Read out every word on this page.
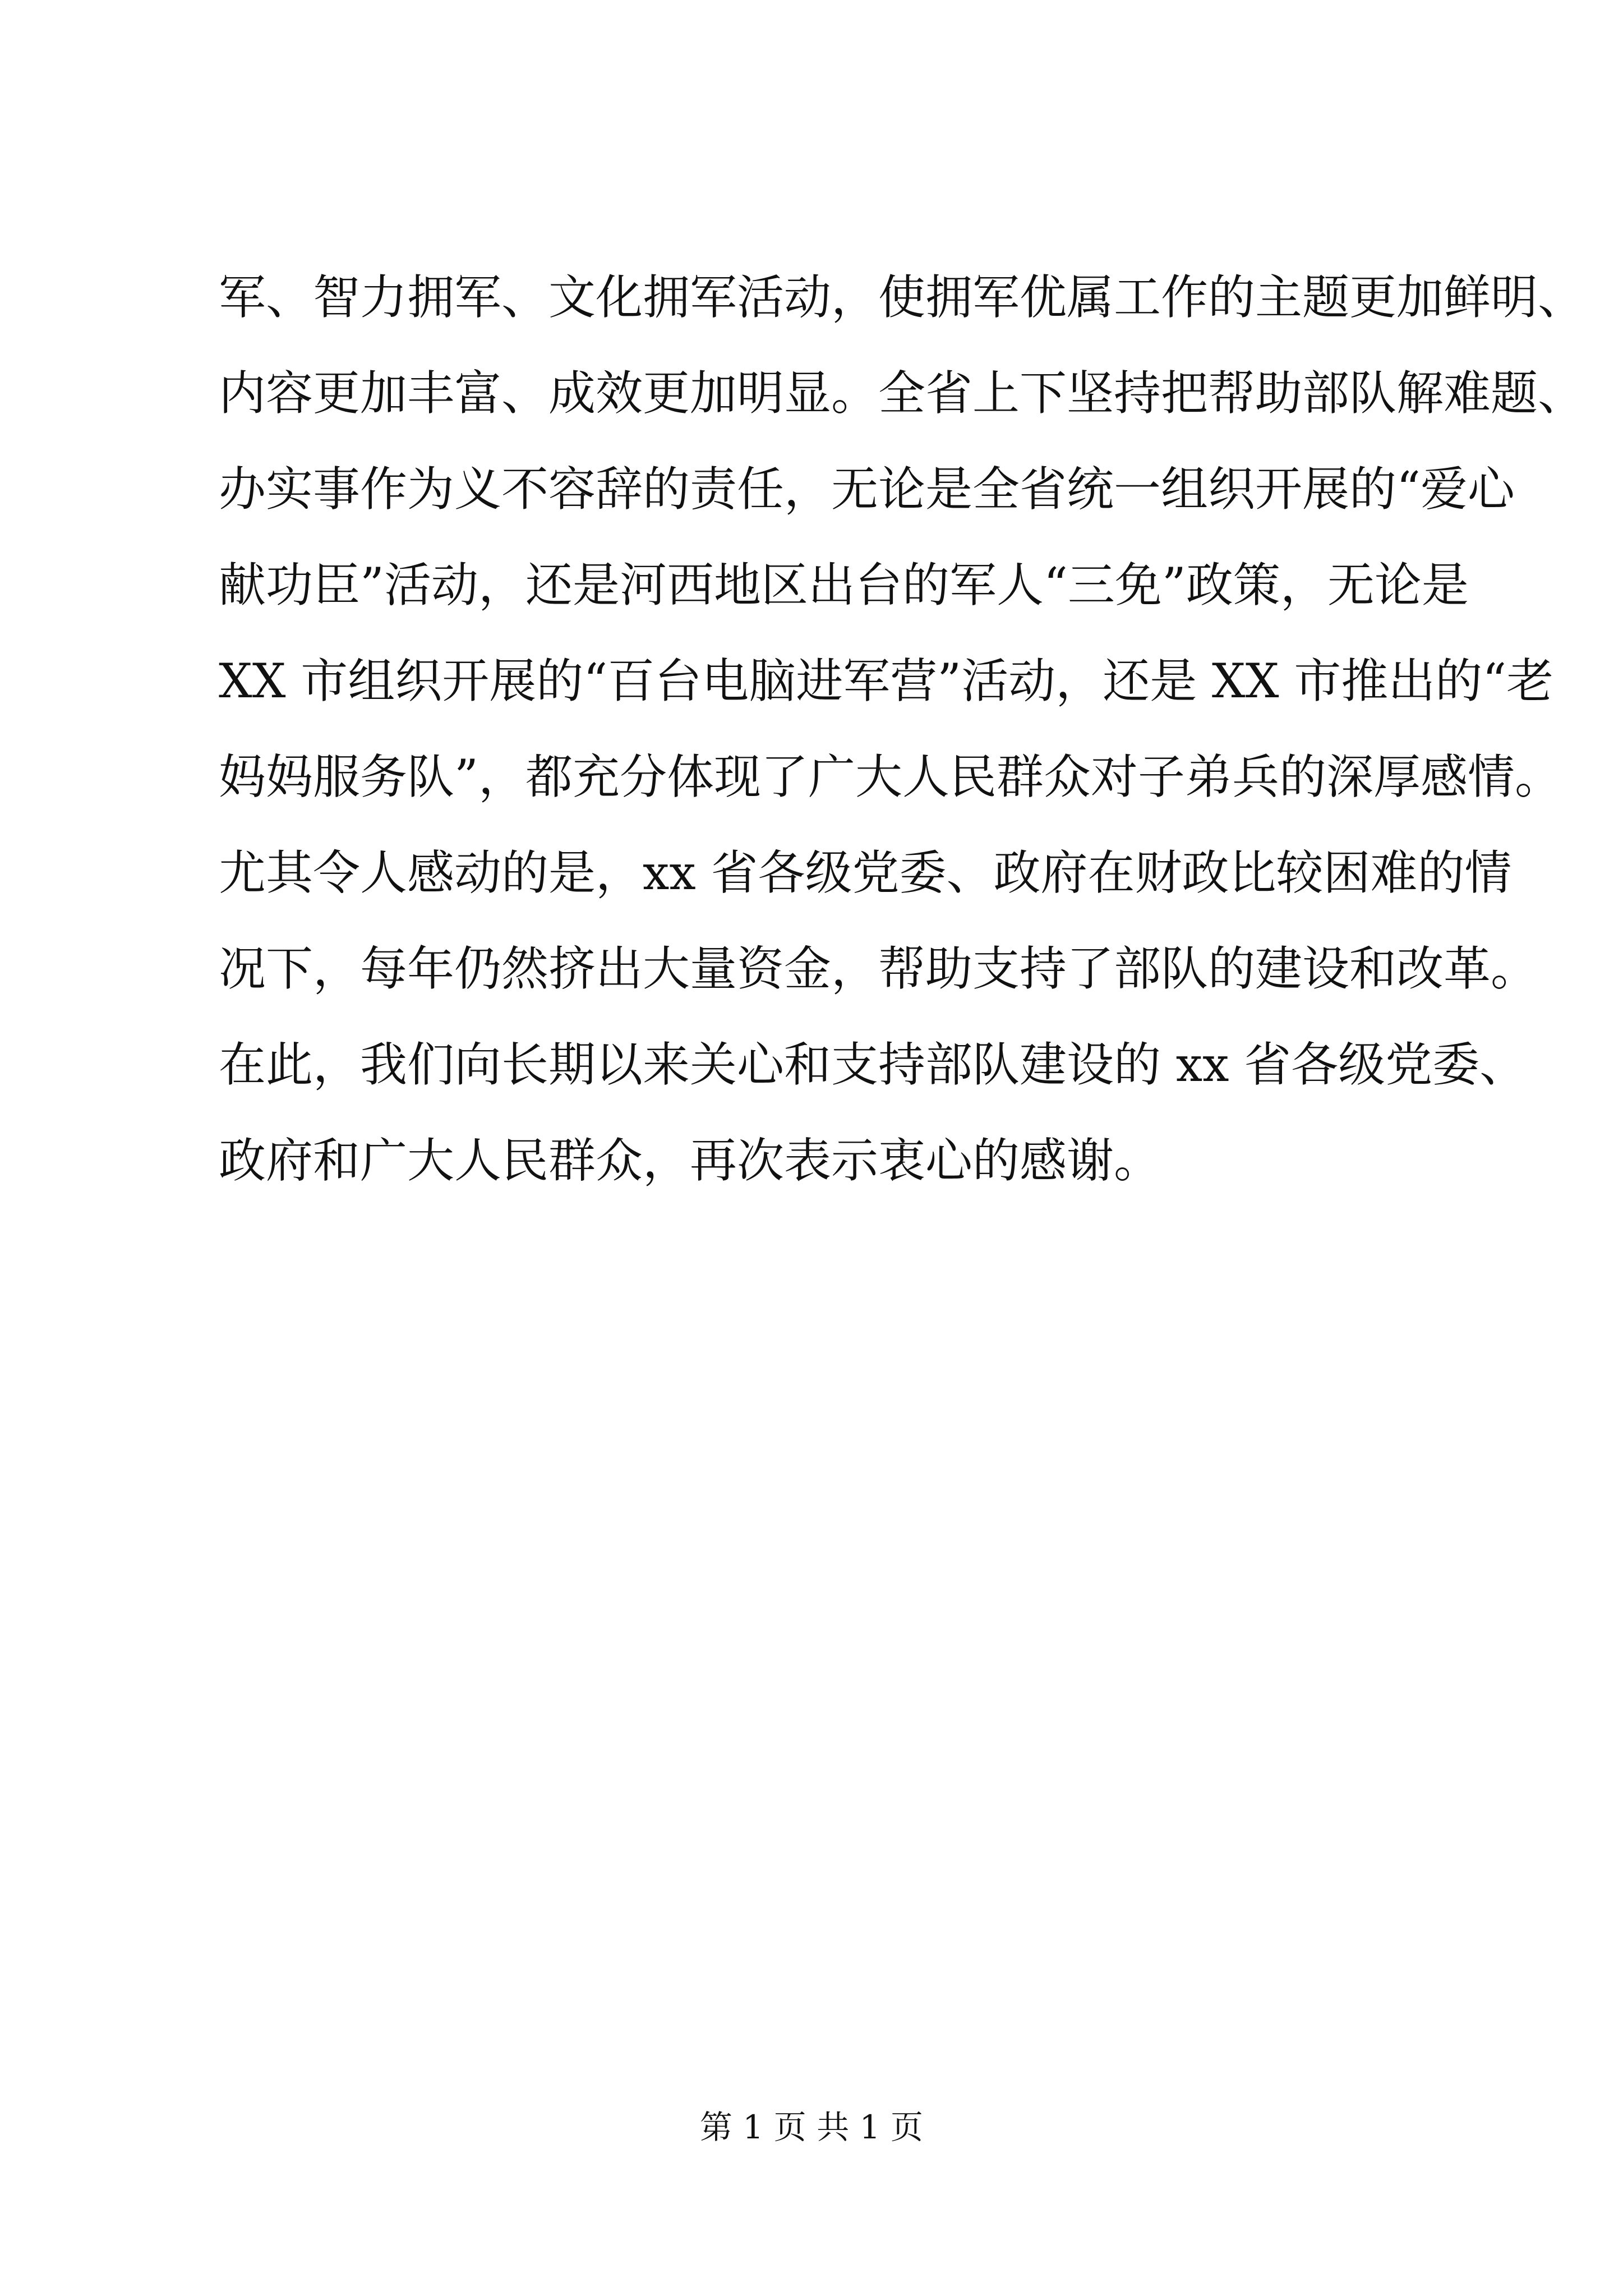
军、智力拥军、文化拥军活动，使拥军优属工作的主题更加鲜明、
内容更加丰富、成效更加明显。全省上下坚持把帮助部队解难题、
办实事作为义不容辞的责任，无论是全省统一组织开展的“爱心
献功臣”活动，还是河西地区出台的军人“三免”政策，无论是
XX 市组织开展的“百台电脑进军营”活动，还是 XX 市推出的“老
妈妈服务队”，都充分体现了广大人民群众对子弟兵的深厚感情。
尤其令人感动的是，xx 省各级党委、政府在财政比较困难的情
况下，每年仍然挤出大量资金，帮助支持了部队的建设和改革。
在此，我们向长期以来关心和支持部队建设的 xx 省各级党委、
政府和广大人民群众，再次表示衷心的感谢。
第 1 页 共 1 页
